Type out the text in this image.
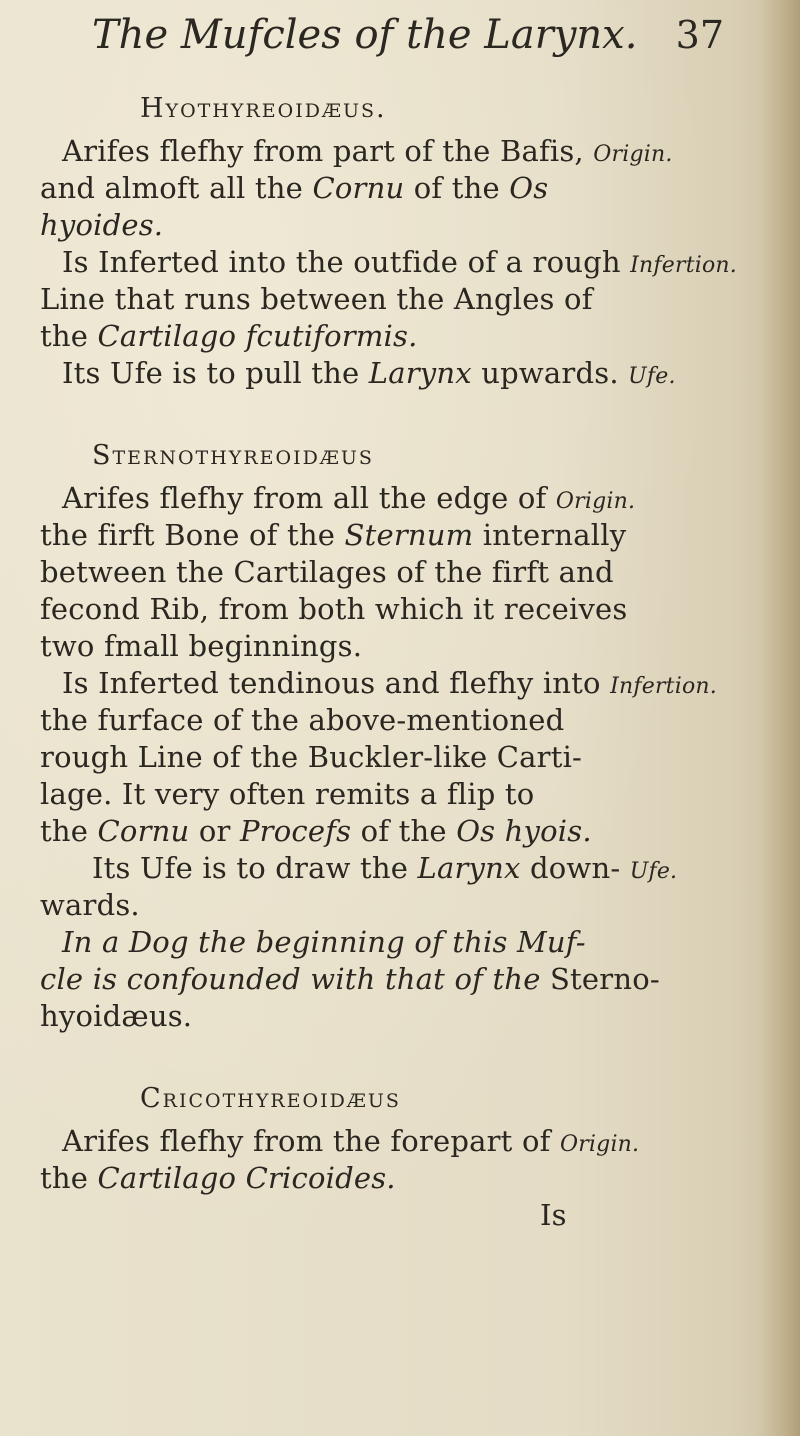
The Mufcles of the Larynx. 37
Hyothyreoidæus.
Arifes flefhy from part of the Bafis, Origin.
and almoft all the Cornu of the Os
hyoides.
Is Inferted into the outfide of a rough Infertion.
Line that runs between the Angles of
the Cartilago fcutiformis.
Its Ufe is to pull the Larynx upwards. Ufe.
Sternothyreoidæus
Arifes flefhy from all the edge of Origin.
the firft Bone of the Sternum internally
between the Cartilages of the firft and
fecond Rib, from both which it receives
two fmall beginnings.
Is Inferted tendinous and flefhy into Infertion.
the furface of the above-mentioned
rough Line of the Buckler-like Carti-
lage. It very often remits a flip to
the Cornu or Procefs of the Os hyois.
Its Ufe is to draw the Larynx down- Ufe.
wards.
In a Dog the beginning of this Muf-
cle is confounded with that of the Sterno-
hyoidæus.
Cricothyreoidæus
Arifes flefhy from the forepart of Origin.
the Cartilago Cricoides.
Is
